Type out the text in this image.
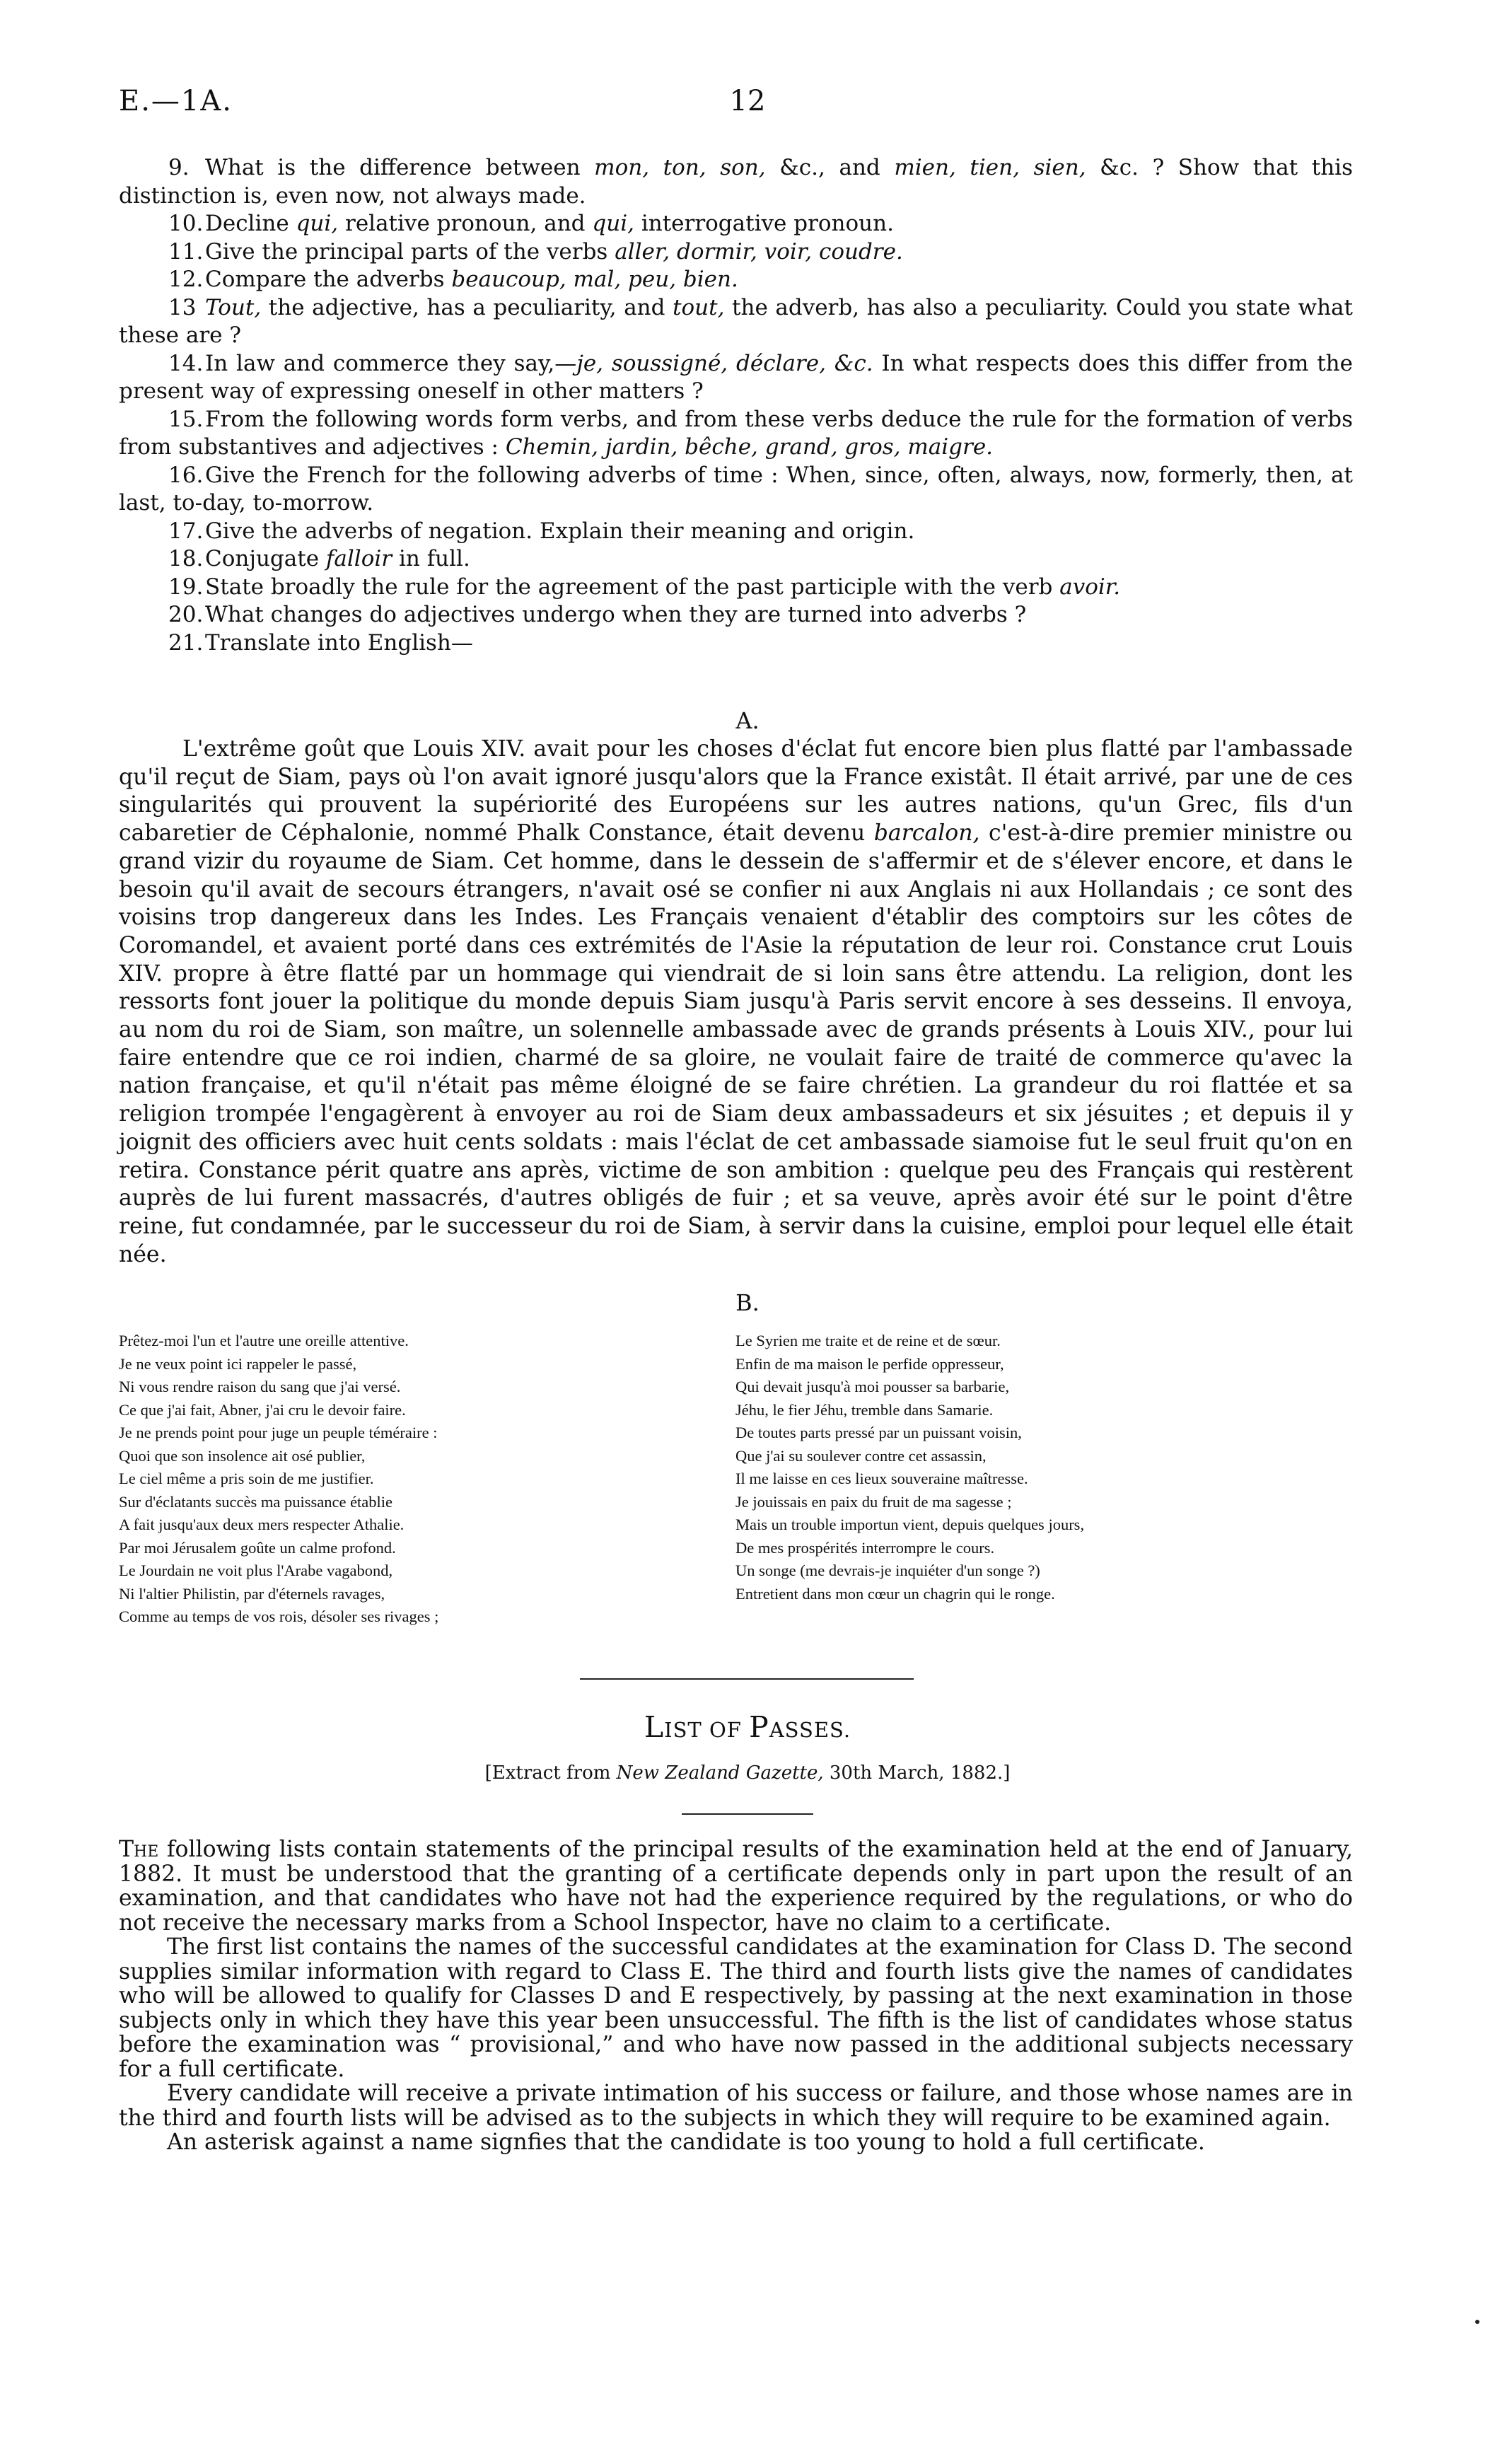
E.—1A.	12
9. What is the difference between mon, ton, son, &c., and mien, tien, sien, &c. ? Show that this distinction is, even now, not always made.
10.Decline qui, relative pronoun, and qui, interrogative pronoun.
11.Give the principal parts of the verbs aller, dormir, voir, coudre.
12.Compare the adverbs beaucoup, mal, peu, bien.
13 Tout, the adjective, has a peculiarity, and tout, the adverb, has also a peculiarity. Could you state what these are ?
14.In law and commerce they say,—je, soussigné, déclare, &c. In what respects does this differ from the present way of expressing oneself in other matters ?
15.From the following words form verbs, and from these verbs deduce the rule for the formation of verbs from substantives and adjectives : Chemin, jardin, bêche, grand, gros, maigre.
16.Give the French for the following adverbs of time : When, since, often, always, now, formerly, then, at last, to-day, to-morrow.
17.Give the adverbs of negation. Explain their meaning and origin.
18.Conjugate falloir in full.
19.State broadly the rule for the agreement of the past participle with the verb avoir.
20.What changes do adjectives undergo when they are turned into adverbs ?
21.Translate into English—
A.

L'extrême goût que Louis XIV. avait pour les choses d'éclat fut encore bien plus flatté par l'ambassade qu'il reçut de Siam, pays où l'on avait ignoré jusqu'alors que la France existât. Il était arrivé, par une de ces singularités qui prouvent la supériorité des Européens sur les autres nations, qu'un Grec, fils d'un cabaretier de Céphalonie, nommé Phalk Constance, était devenu barcalon, c'est-à-dire premier ministre ou grand vizir du royaume de Siam. Cet homme, dans le dessein de s'affermir et de s'élever encore, et dans le besoin qu'il avait de secours étrangers, n'avait osé se confier ni aux Anglais ni aux Hollandais ; ce sont des voisins trop dangereux dans les Indes. Les Français venaient d'établir des comptoirs sur les côtes de Coromandel, et avaient porté dans ces extrémités de l'Asie la réputation de leur roi. Constance crut Louis XIV. propre à être flatté par un hommage qui viendrait de si loin sans être attendu. La religion, dont les ressorts font jouer la politique du monde depuis Siam jusqu'à Paris servit encore à ses desseins. Il envoya, au nom du roi de Siam, son maître, un solennelle ambassade avec de grands présents à Louis XIV., pour lui faire entendre que ce roi indien, charmé de sa gloire, ne voulait faire de traité de commerce qu'avec la nation française, et qu'il n'était pas même éloigné de se faire chrétien. La grandeur du roi flattée et sa religion trompée l'engagèrent à envoyer au roi de Siam deux ambassadeurs et six jésuites ; et depuis il y joignit des officiers avec huit cents soldats : mais l'éclat de cet ambassade siamoise fut le seul fruit qu'on en retira. Constance périt quatre ans après, victime de son ambition : quelque peu des Français qui restèrent auprès de lui furent massacrés, d'autres obligés de fuir ; et sa veuve, après avoir été sur le point d'être reine, fut condamnée, par le successeur du roi de Siam, à servir dans la cuisine, emploi pour lequel elle était née.

B.
Prêtez-moi l'un et l'autre une oreille attentive.
Je ne veux point ici rappeler le passé,
Ni vous rendre raison du sang que j'ai versé.
Ce que j'ai fait, Abner, j'ai cru le devoir faire.
Je ne prends point pour juge un peuple téméraire :
Quoi que son insolence ait osé publier,
Le ciel même a pris soin de me justifier.
Sur d'éclatants succès ma puissance établie
A fait jusqu'aux deux mers respecter Athalie.
Par moi Jérusalem goûte un calme profond.
Le Jourdain ne voit plus l'Arabe vagabond,
Ni l'altier Philistin, par d'éternels ravages,
Comme au temps de vos rois, désoler ses rivages ;
Le Syrien me traite et de reine et de sœur.
Enfin de ma maison le perfide oppresseur,
Qui devait jusqu'à moi pousser sa barbarie,
Jéhu, le fier Jéhu, tremble dans Samarie.
De toutes parts pressé par un puissant voisin,
Que j'ai su soulever contre cet assassin,
Il me laisse en ces lieux souveraine maîtresse.
Je jouissais en paix du fruit de ma sagesse ;
Mais un trouble importun vient, depuis quelques jours,
De mes prospérités interrompre le cours.
Un songe (me devrais-je inquiéter d'un songe ?)
Entretient dans mon cœur un chagrin qui le ronge.
LIST OF PASSES.
[Extract from New Zealand Gazette, 30th March, 1882.]

The following lists contain statements of the principal results of the examination held at the end of January, 1882. It must be understood that the granting of a certificate depends only in part upon the result of an examination, and that candidates who have not had the experience required by the regulations, or who do not receive the necessary marks from a School Inspector, have no claim to a certificate.

The first list contains the names of the successful candidates at the examination for Class D. The second supplies similar information with regard to Class E. The third and fourth lists give the names of candidates who will be allowed to qualify for Classes D and E respectively, by passing at the next examination in those subjects only in which they have this year been unsuccessful. The fifth is the list of candidates whose status before the examination was “ provisional,” and who have now passed in the additional subjects necessary for a full certificate.

Every candidate will receive a private intimation of his success or failure, and those whose names are in the third and fourth lists will be advised as to the subjects in which they will require to be examined again.

An asterisk against a name signfies that the candidate is too young to hold a full certificate.
